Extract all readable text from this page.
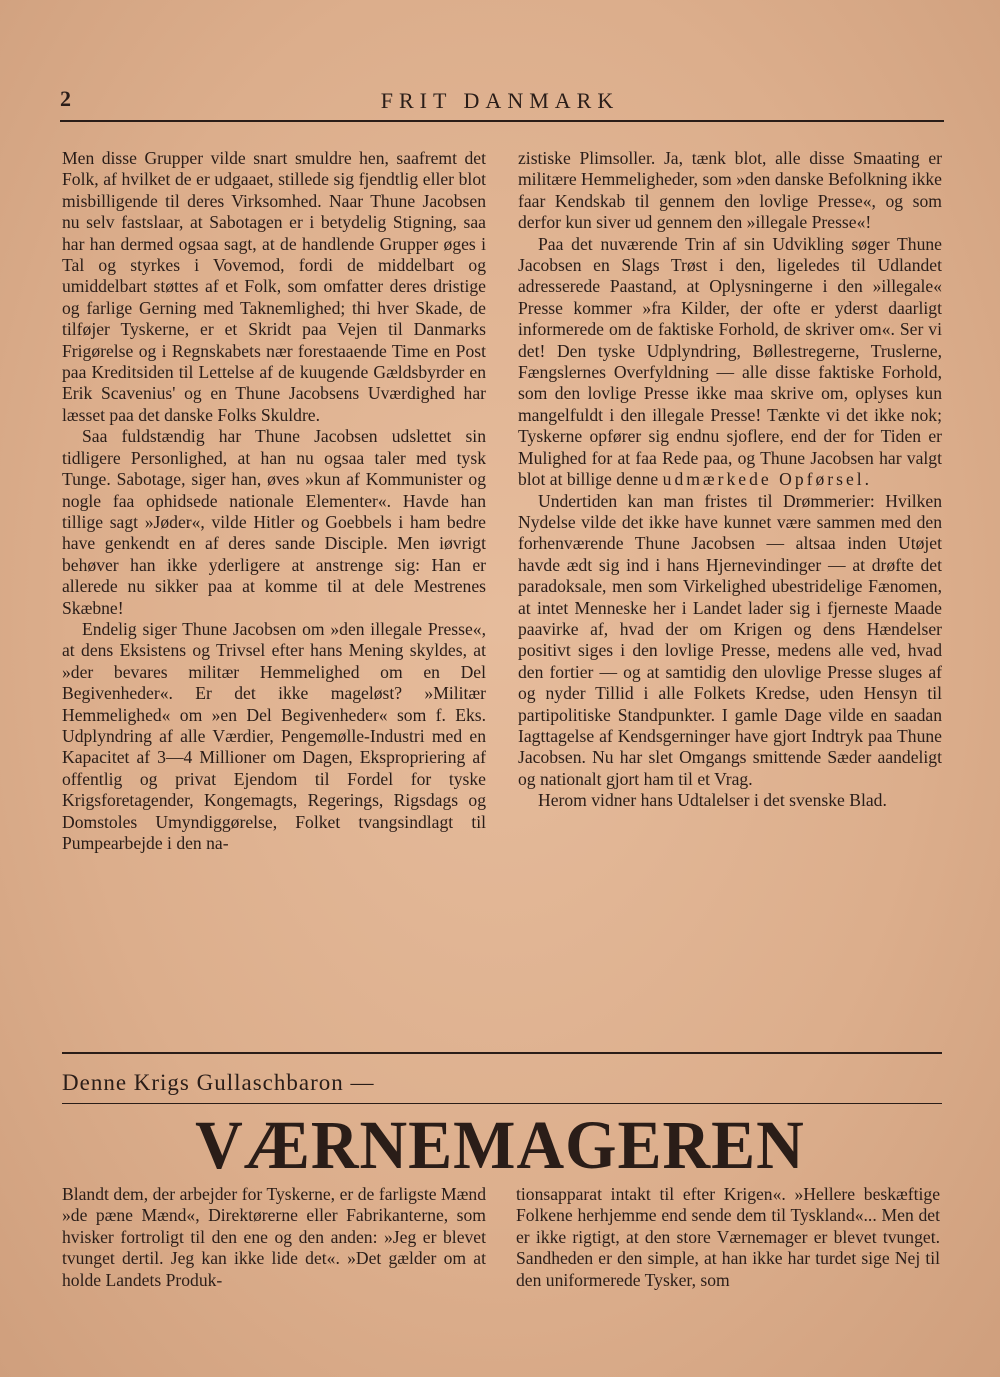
2	FRIT DANMARK

Men disse Grupper vilde snart smuldre hen, saafremt det Folk, af hvilket de er udgaaet, stillede sig fjendtlig eller blot misbilligende til deres Virksomhed. Naar Thune Jacobsen nu selv fastslaar, at Sabotagen er i betydelig Stigning, saa har han dermed ogsaa sagt, at de handlende Grupper øges i Tal og styrkes i Vovemod, fordi de middelbart og umiddelbart støttes af et Folk, som omfatter deres dristige og farlige Gerning med Taknemlighed; thi hver Skade, de tilføjer Tyskerne, er et Skridt paa Vejen til Danmarks Frigørelse og i Regnskabets nær forestaaende Time en Post paa Kreditsiden til Lettelse af de kuugende Gældsbyrder en Erik Scavenius' og en Thune Jacobsens Uværdighed har læsset paa det danske Folks Skuldre.

Saa fuldstændig har Thune Jacobsen udslettet sin tidligere Personlighed, at han nu ogsaa taler med tysk Tunge. Sabotage, siger han, øves »kun af Kommunister og nogle faa ophidsede nationale Elementer«. Havde han tillige sagt »Jøder«, vilde Hitler og Goebbels i ham bedre have genkendt en af deres sande Disciple. Men iøvrigt behøver han ikke yderligere at anstrenge sig: Han er allerede nu sikker paa at komme til at dele Mestrenes Skæbne!

Endelig siger Thune Jacobsen om »den illegale Presse«, at dens Eksistens og Trivsel efter hans Mening skyldes, at »der bevares militær Hemmelighed om en Del Begivenheder«. Er det ikke mageløst? »Militær Hemmelighed« om »en Del Begivenheder« som f. Eks. Udplyndring af alle Værdier, Pengemølle-Industri med en Kapacitet af 3—4 Millioner om Dagen, Ekspropriering af offentlig og privat Ejendom til Fordel for tyske Krigsforetagender, Kongemagts, Regerings, Rigsdags og Domstoles Umyndiggørelse, Folket tvangsindlagt til Pumpearbejde i den na-

zistiske Plimsoller. Ja, tænk blot, alle disse Smaating er militære Hemmeligheder, som »den danske Befolkning ikke faar Kendskab til gennem den lovlige Presse«, og som derfor kun siver ud gennem den »illegale Presse«!

Paa det nuværende Trin af sin Udvikling søger Thune Jacobsen en Slags Trøst i den, ligeledes til Udlandet adresserede Paastand, at Oplysningerne i den »illegale« Presse kommer »fra Kilder, der ofte er yderst daarligt informerede om de faktiske Forhold, de skriver om«. Ser vi det! Den tyske Udplyndring, Bøllestregerne, Truslerne, Fængslernes Overfyldning — alle disse faktiske Forhold, som den lovlige Presse ikke maa skrive om, oplyses kun mangelfuldt i den illegale Presse! Tænkte vi det ikke nok; Tyskerne opfører sig endnu sjoflere, end der for Tiden er Mulighed for at faa Rede paa, og Thune Jacobsen har valgt blot at billige denne udmærkede Opførsel.

Undertiden kan man fristes til Drømmerier: Hvilken Nydelse vilde det ikke have kunnet være sammen med den forhenværende Thune Jacobsen — altsaa inden Utøjet havde ædt sig ind i hans Hjernevindinger — at drøfte det paradoksale, men som Virkelighed ubestridelige Fænomen, at intet Menneske her i Landet lader sig i fjerneste Maade paavirke af, hvad der om Krigen og dens Hændelser positivt siges i den lovlige Presse, medens alle ved, hvad den fortier — og at samtidig den ulovlige Presse sluges af og nyder Tillid i alle Folkets Kredse, uden Hensyn til partipolitiske Standpunkter. I gamle Dage vilde en saadan Iagttagelse af Kendsgerninger have gjort Indtryk paa Thune Jacobsen. Nu har slet Omgangs smittende Sæder aandeligt og nationalt gjort ham til et Vrag.

Herom vidner hans Udtalelser i det svenske Blad.

Denne Krigs Gullaschbaron —
VÆRNEMAGEREN

Blandt dem, der arbejder for Tyskerne, er de farligste Mænd »de pæne Mænd«, Direktørerne eller Fabrikanterne, som hvisker fortroligt til den ene og den anden: »Jeg er blevet tvunget dertil. Jeg kan ikke lide det«. »Det gælder om at holde Landets Produk-

tionsapparat intakt til efter Krigen«. »Hellere beskæftige Folkene herhjemme end sende dem til Tyskland«... Men det er ikke rigtigt, at den store Værnemager er blevet tvunget. Sandheden er den simple, at han ikke har turdet sige Nej til den uniformerede Tysker, som
